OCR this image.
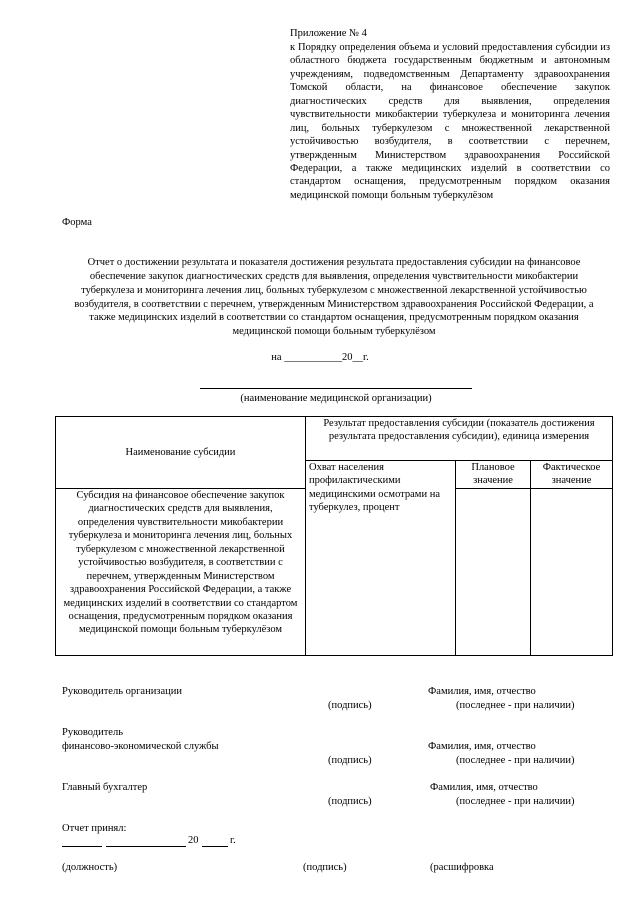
Приложение № 4
к Порядку определения объема и условий предоставления субсидии из областного бюджета государственным бюджетным и автономным учреждениям, подведомственным Департаменту здравоохранения Томской области, на финансовое обеспечение закупок диагностических средств для выявления, определения чувствительности микобактерии туберкулеза и мониторинга лечения лиц, больных туберкулезом с множественной лекарственной устойчивостью возбудителя, в соответствии с перечнем, утвержденным Министерством здравоохранения Российской Федерации, а также медицинских изделий в соответствии со стандартом оснащения, предусмотренным порядком оказания медицинской помощи больным туберкулёзом
Форма
Отчет о достижении результата и показателя достижения результата предоставления субсидии на финансовое обеспечение закупок диагностических средств для выявления, определения чувствительности микобактерии туберкулеза и мониторинга лечения лиц, больных туберкулезом с множественной лекарственной устойчивостью возбудителя, в соответствии с перечнем, утвержденным Министерством здравоохранения Российской Федерации, а также медицинских изделий в соответствии со стандартом оснащения, предусмотренным порядком оказания медицинской помощи больным туберкулёзом
на ___________20__г.
(наименование медицинской организации)
Наименование субсидии	Результат предоставления субсидии (показатель достижения результата предоставления субсидии), единица измерения		
	Охват населения профилактическими медицинскими осмотрами на туберкулез, процент	Плановое значение	Фактическое значение
Субсидия на финансовое обеспечение закупок диагностических средств для выявления, определения чувствительности микобактерии туберкулеза и мониторинга лечения лиц, больных туберкулезом с множественной лекарственной устойчивостью возбудителя, в соответствии с перечнем, утвержденным Министерством здравоохранения Российской Федерации, а также медицинских изделий в соответствии со стандартом оснащения, предусмотренным порядком оказания медицинской помощи больным туберкулёзом			
Руководитель организации
(подпись)
Фамилия, имя, отчество
(последнее - при наличии)
Руководитель
финансово-экономической службы
(подпись)
Фамилия, имя, отчество
(последнее - при наличии)
Главный бухгалтер
(подпись)
Фамилия, имя, отчество
(последнее - при наличии)
Отчет принял:
20	г.
(должность)	(подпись)	(расшифровка
